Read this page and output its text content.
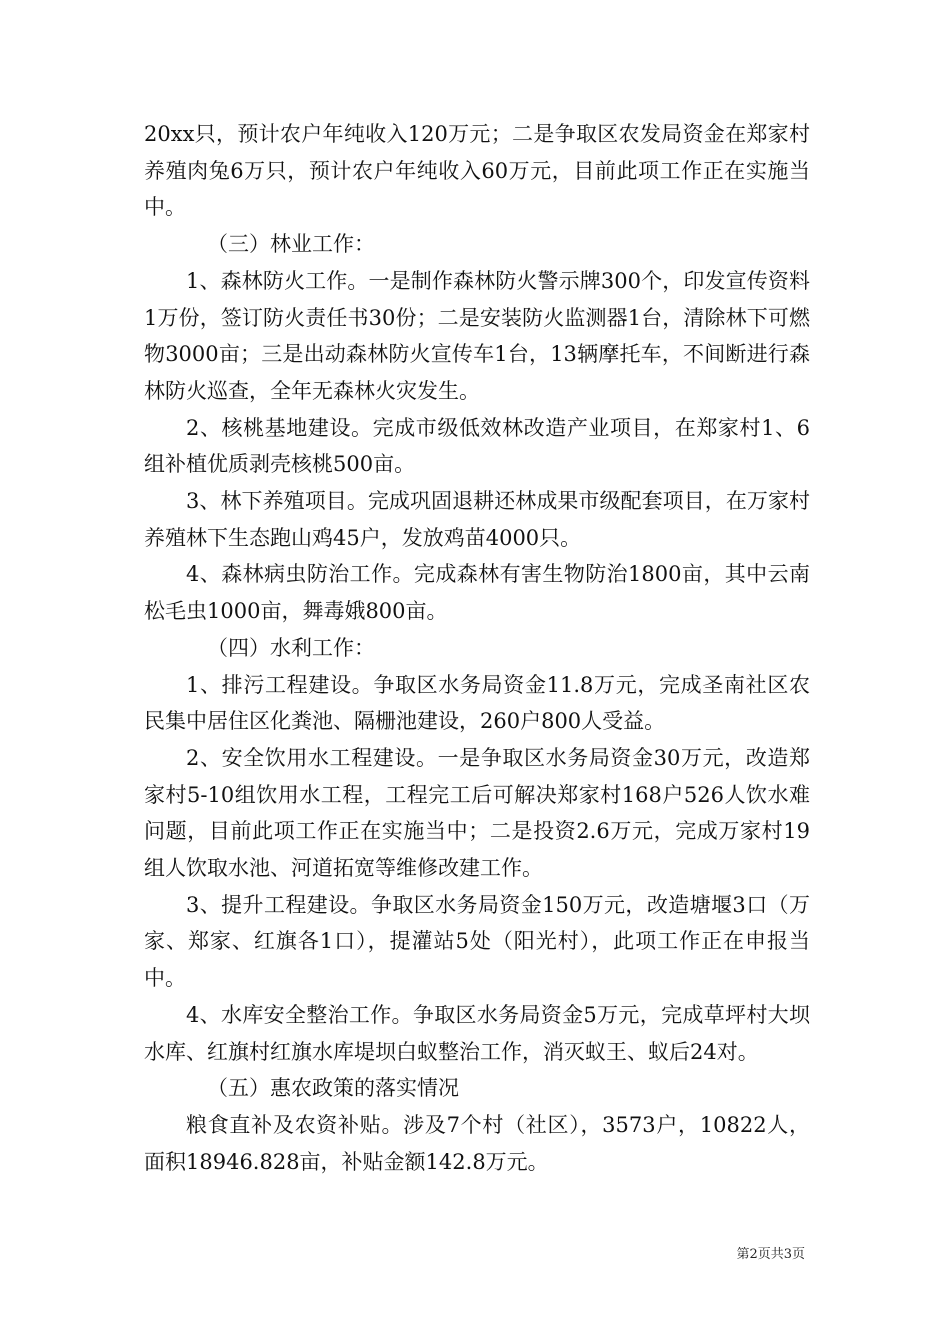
20xx只，预计农户年纯收入120万元；二是争取区农发局资金在郑家村养殖肉兔6万只，预计农户年纯收入60万元，目前此项工作正在实施当中。

（三）林业工作：

1、森林防火工作。一是制作森林防火警示牌300个，印发宣传资料1万份，签订防火责任书30份；二是安装防火监测器1台，清除林下可燃物3000亩；三是出动森林防火宣传车1台，13辆摩托车，不间断进行森林防火巡查，全年无森林火灾发生。

2、核桃基地建设。完成市级低效林改造产业项目，在郑家村1、6组补植优质剥壳核桃500亩。

3、林下养殖项目。完成巩固退耕还林成果市级配套项目，在万家村养殖林下生态跑山鸡45户，发放鸡苗4000只。

4、森林病虫防治工作。完成森林有害生物防治1800亩，其中云南松毛虫1000亩，舞毒娥800亩。

（四）水利工作：

1、排污工程建设。争取区水务局资金11.8万元，完成圣南社区农民集中居住区化粪池、隔栅池建设，260户800人受益。

2、安全饮用水工程建设。一是争取区水务局资金30万元，改造郑家村5-10组饮用水工程，工程完工后可解决郑家村168户526人饮水难问题，目前此项工作正在实施当中；二是投资2.6万元，完成万家村19组人饮取水池、河道拓宽等维修改建工作。

3、提升工程建设。争取区水务局资金150万元，改造塘堰3口（万家、郑家、红旗各1口），提灌站5处（阳光村），此项工作正在申报当中。

4、水库安全整治工作。争取区水务局资金5万元，完成草坪村大坝水库、红旗村红旗水库堤坝白蚁整治工作，消灭蚁王、蚁后24对。

（五）惠农政策的落实情况

粮食直补及农资补贴。涉及7个村（社区），3573户，10822人，面积18946.828亩，补贴金额142.8万元。

第2页共3页
